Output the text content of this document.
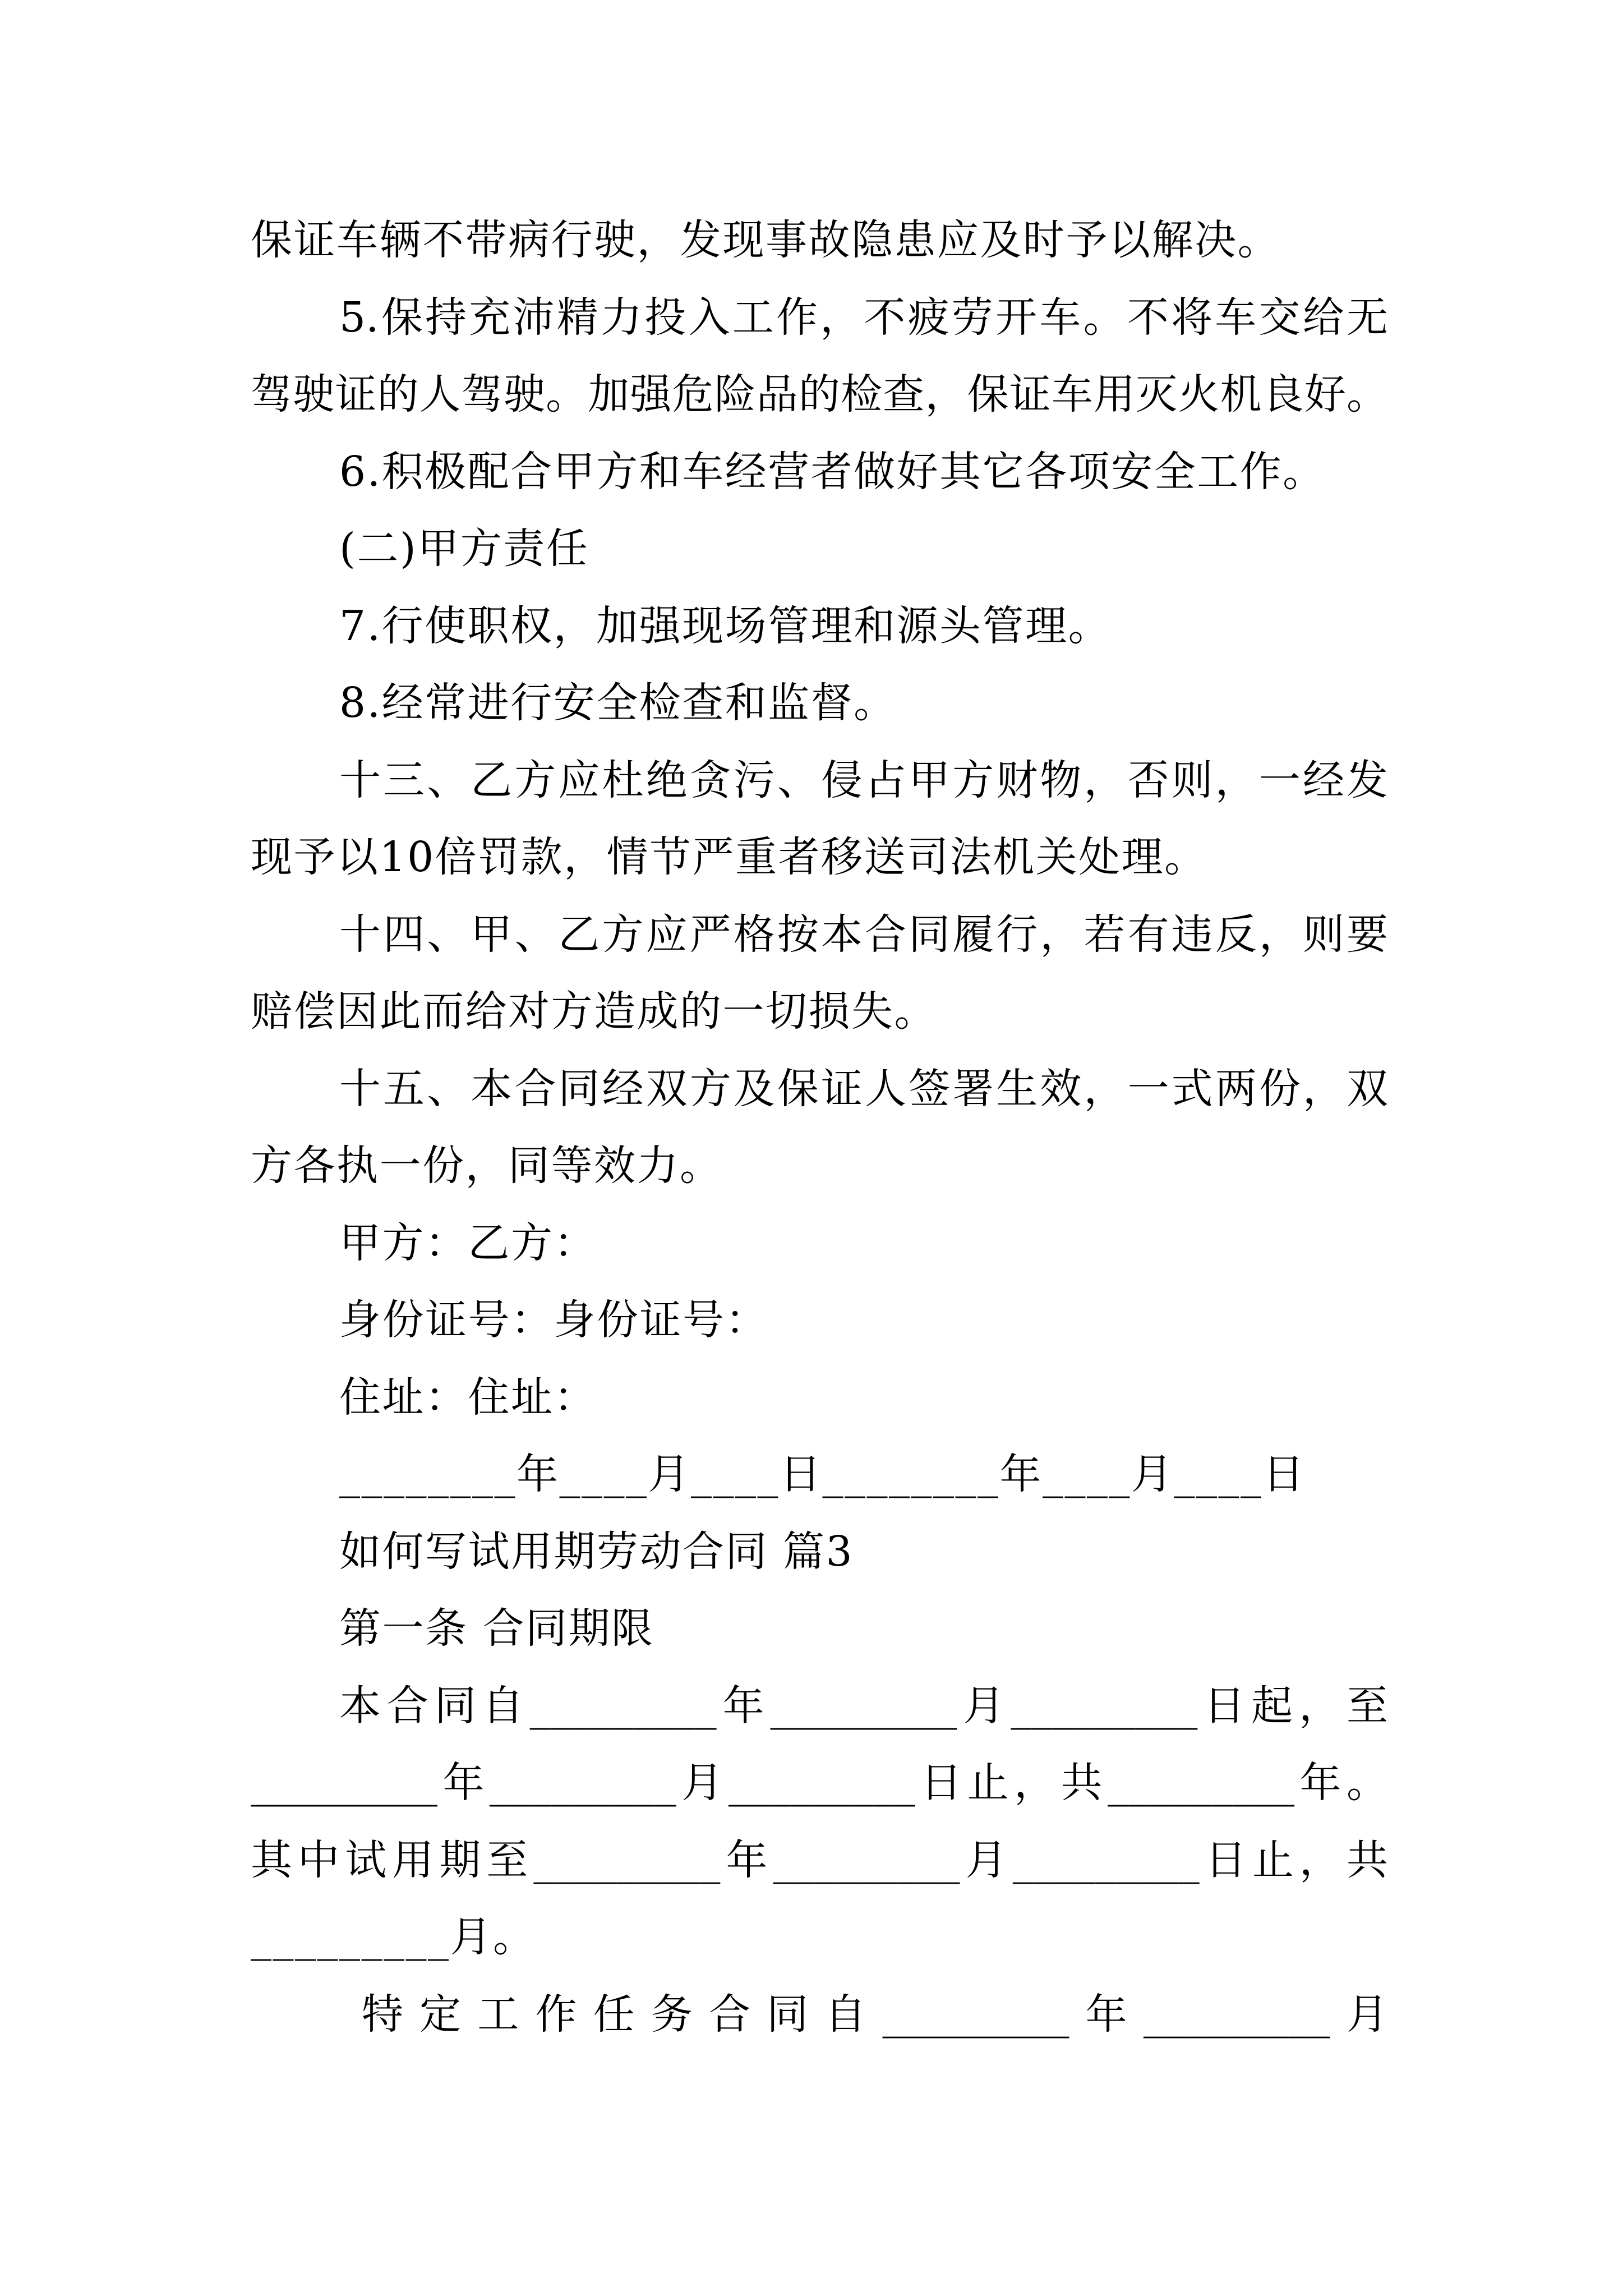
保证车辆不带病行驶，发现事故隐患应及时予以解决。
5.保持充沛精力投入工作，不疲劳开车。不将车交给无
驾驶证的人驾驶。加强危险品的检查，保证车用灭火机良好。
6.积极配合甲方和车经营者做好其它各项安全工作。
(二)甲方责任
7.行使职权，加强现场管理和源头管理。
8.经常进行安全检查和监督。
十三、乙方应杜绝贪污、侵占甲方财物，否则，一经发
现予以10倍罚款，情节严重者移送司法机关处理。
十四、甲、乙方应严格按本合同履行，若有违反，则要
赔偿因此而给对方造成的一切损失。
十五、本合同经双方及保证人签署生效，一式两份，双
方各执一份，同等效力。
甲方：乙方：
身份证号：身份证号：
住址：住址：
________年____月____日________年____月____日
如何写试用期劳动合同 篇3
第一条 合同期限
本合同自_________年_________月_________日起，至
_________年_________月_________日止，共_________年。
其中试用期至_________年_________月_________日止，共
_________月。
特定工作任务合同自_________年_________月
